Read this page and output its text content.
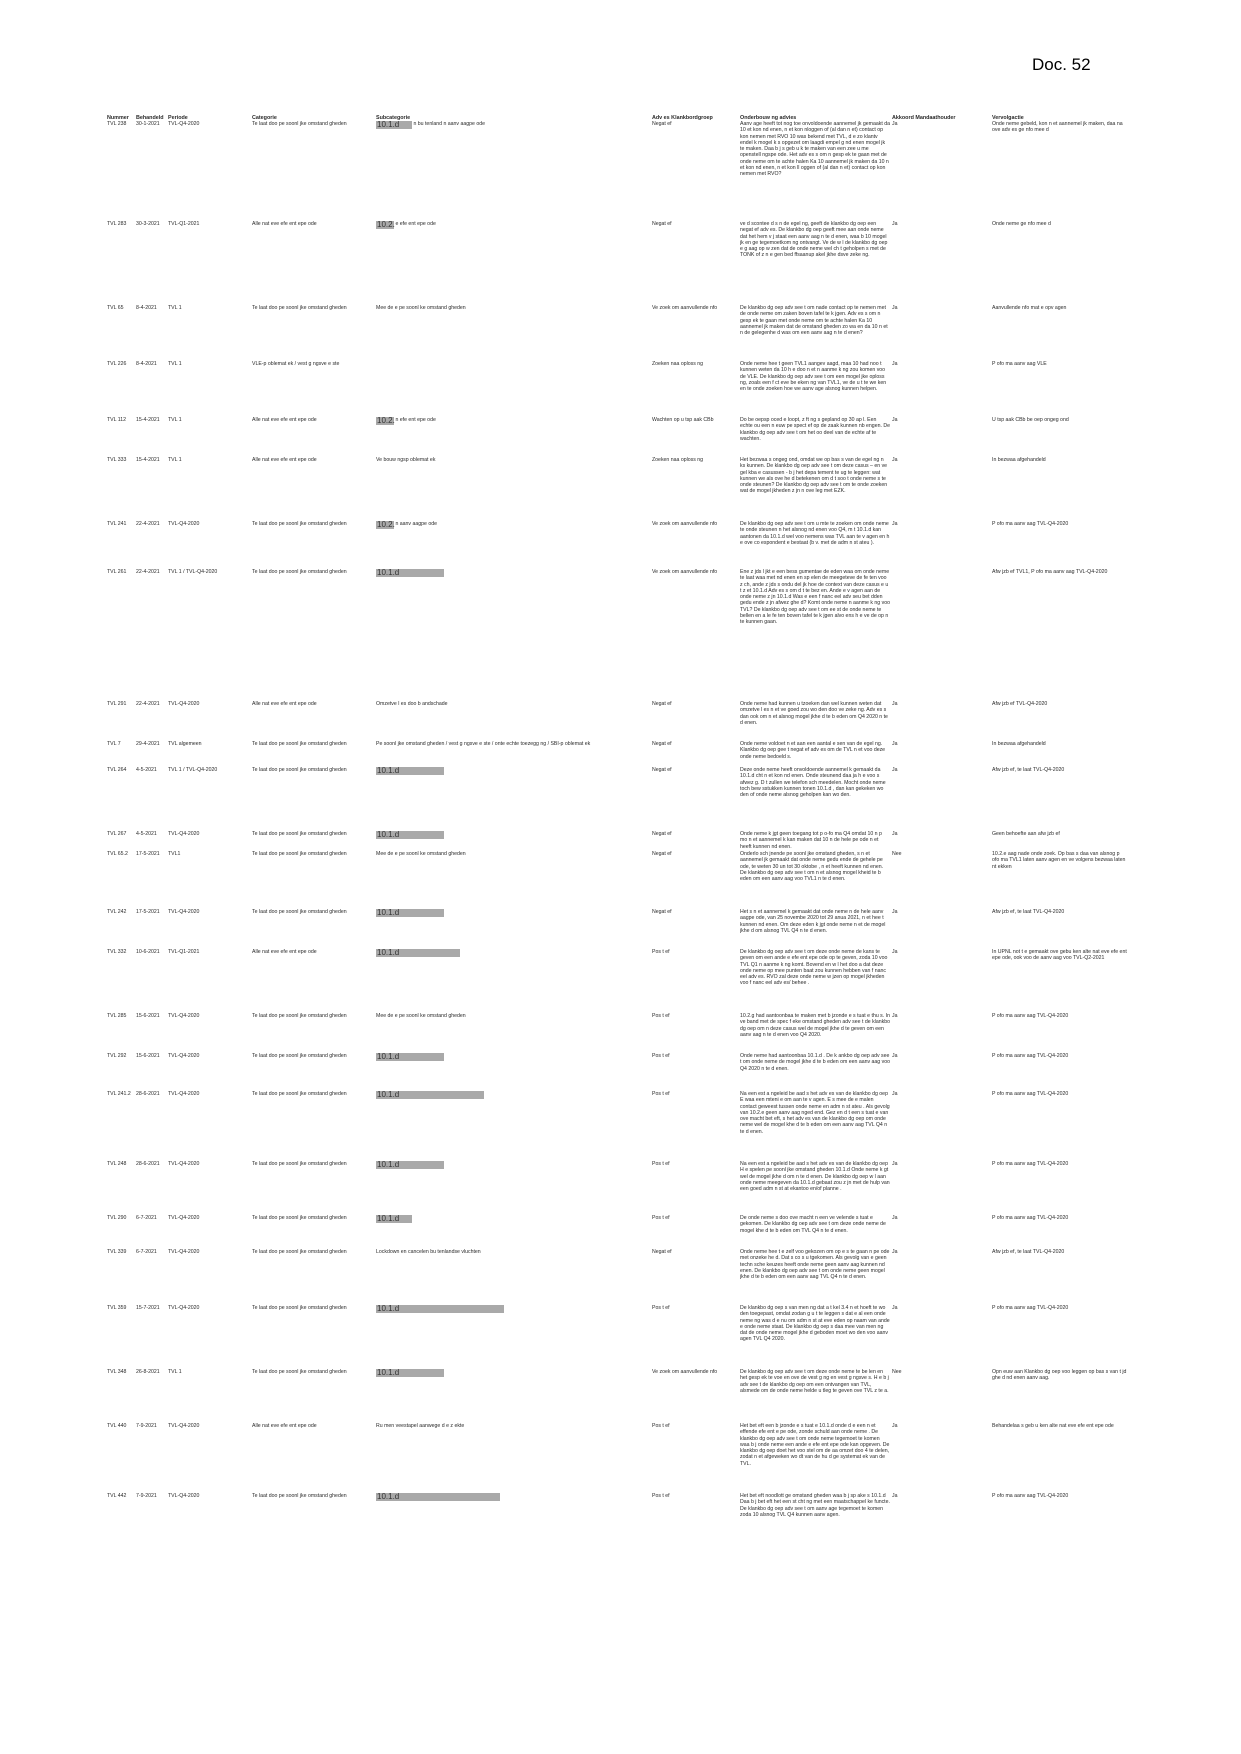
Doc. 52
Nummer	Behandeld	Periode	Categorie	Subcategorie	Adv es Klankbordgroep	Onderbouw ng advies	Akkoord Mandaathouder	Vervolgactie
TVL 238	30-1-2021	TVL-Q4-2020	Te laat doo pe soonl jke omstand gheden	10.1.d n bu tenland n aanv aagpe ode	Negat ef	Aanv age heeft tot nog toe onvoldoende aannemel jk gemaakt da 10 et kon nd enen, n et kon nloggen of (al dan n et) contact op kon nemen met RVO 10 was bekend met TVL, d e zo klantv endel k mogel k s opgezet om laagdi empel g nd enen mogel jk te maken. Daa b j s geb u k te maken van een zee u me openstell ngspe ode. Het adv es s om n gesp ek te gaan met de onde neme om te achte halen Ka 10 aannemel jk maken da 10 n et kon nd enen, n et kon ll oggen of (al dan n et) contact op kon nemen met RVO?	Ja	Onde neme gebeld, kon n et aannemel jk maken, daa na ove adv es ge nfo mee d
TVL 283	30-3-2021	TVL-Q1-2021	Alle nat eve efe ent epe ode	10.2. e efe ent epe ode	Negat ef	ve d scontee d s n de egel ng, geeft de klankbo dg oep een negat ef adv es. De klankbo dg oep geeft mee aan onde neme dat het hem v j staat een aanv aag n te d enen, waa b 10 mogel jk en ge tegemoetkom ng ontvangt. Ve de w l de klankbo dg oep e g aag op w zen dat de onde neme wel ch t geholpen s met de TONK of z n e gen bed ffsaanup akel jkhe dsve zeke ng.	Ja	Onde neme ge nfo mee d
TVL 65	8-4-2021	TVL 1	Te laat doo pe soonl jke omstand gheden	Mee de e pe soonl ke omstand gheden	Ve zoek om aanvullende nfo	De klankbo dg oep adv see t om nade contact op te nemen met de onde neme om zaken boven tafel te k jgen. Adv es s om n gesp ek te gaan met onde neme om te achte halen Ka 10 aannemel jk maken dat de omstand gheden zo wa en da 10 n et n de gelegenhe d was om een aanv aag n te d enen?	Ja	Aanvullende nfo mat e opv agen
TVL 226	8-4-2021	TVL 1	VLE-p oblemat ek / vest g ngsve e ste		Zoeken naa oploss ng	Onde neme hee t geen TVL1 aangev aagd, maa 10 had noo t kunnen weten da 10 h e doo n et n aanme k ng zou komen voo de VLE. De klankbo dg oep adv see t om een mogel jke oploss ng, zoals een f ct eve be eken ng van TVL1, ve de u t te we ken en te onde zoeken hoe we aanv age alsnog kunnen helpen.	Ja	P ofo ma aanv aag VLE
TVL 112	15-4-2021	TVL 1	Alle nat eve efe ent epe ode	10.2. n efe ent epe ode	Wachten op u tsp aak CBb	Do be oepsp oced e loopt, z ft ng s gepland op 30 ap l. Een echte ou een n euw pe spect ef op de zaak kunnen nb engen. De klankbo dg oep adv see t om het oo deel van de echte af te wachten.	Ja	U tsp aak CBb be oep ongeg ond
TVL 333	15-4-2021	TVL 1	Alle nat eve efe ent epe ode	Ve bouw ngsp oblemat ek	Zoeken naa oploss ng	Het bezwaa s ongeg ond, omdat we op bas s van de egel ng n ks kunnen. De klankbo dg oep adv see t om deze casus – en ve gel kba e casussen - b j het depa tement te ug te leggen: wat kunnen we als ove he d betekenen om d t soo t onde neme s te onde steunen? De klankbo dg oep adv see t om te onde zoeken wat de mogel jkheden z jn n ove leg met EZK.	Ja	In bezwaa afgehandeld
TVL 241	22-4-2021	TVL-Q4-2020	Te laat doo pe soonl jke omstand gheden	10.2. n aanv aagpe ode	Ve zoek om aanvullende nfo	De klankbo dg oep adv see t om u mte te zoeken om onde neme te onde steunen n het alsnog nd enen voo Q4, m t 10.1.d kan aantonen da 10.1.d wel voo nemens was TVL aan te v agen en h e ove co espondent e bestaat (b v. met de adm n st ateu ).	Ja	P ofo ma aanv aag TVL-Q4-2020
TVL 261	22-4-2021	TVL 1 / TVL-Q4-2020	Te laat doo pe soonl jke omstand gheden	10.1.d	Ve zoek om aanvullende nfo	Ene z jds l jkt e een bess gumentae de eden waa om onde neme te laat waa met nd enen en sp elen de meegeteve de fe ten voo z ch, ande z jds s ondu del jk hoe de context van deze casus e u t z et 10.1.d Adv es s om d t te bez en. Ande e v agen aan de onde neme z jn 10.1.d Was e een f nanc eel adv seu bet dden gedu ende z jn afwez ghe d? Komt onde neme n aanme k ng voo TVL? De klankbo dg oep adv see t om ee st de onde neme te bellen en a le fe ten boven tafel te k jgen alvo ens h e ve de op n te kunnen gaan.		Afw jzb ef TVL1, P ofo ma aanv aag TVL-Q4-2020
TVL 291	22-4-2021	TVL-Q4-2020	Alle nat eve efe ent epe ode	Omzetve l es doo b andschade	Negat ef	Onde neme had kunnen u tzoeken dan wel kunnen weten dat omzetve l es n et ve goed zou wo den doo ve zeke ng. Adv es s dan ook om n et alsnog mogel jkhe d te b eden om Q4 2020 n te d enen.	Ja	Afw jzb ef TVL-Q4-2020
TVL 7	29-4-2021	TVL algemeen	Te laat doo pe soonl jke omstand gheden	Pe soonl jke omstand gheden / vest g ngsve e ste / onte echte toezegg ng / SBI-p oblemat ek	Negat ef	Onde neme voldoet n et aan een aantal e sen van de egel ng. Klankbo dg oep gee t negat ef adv es om de TVL n et voo deze onde neme bedoeld s.	Ja	In bezwaa afgehandeld
TVL 264	4-5-2021	TVL 1 / TVL-Q4-2020	Te laat doo pe soonl jke omstand gheden	10.1.d	Negat ef	Deze onde neme heeft onvoldoende aannemel k gemaakt da 10.1.d cht n et kon nd enen. Onde steunend daa ja h e voo s afwez g. D t zullen we telefon sch meedelen. Mocht onde neme toch bew sstukken kunnen tonen 10.1.d , dan kan gekeken wo den of onde neme alsnog geholpen kan wo den.	Ja	Afw jzb ef, te laat TVL-Q4-2020
TVL 267	4-5-2021	TVL-Q4-2020	Te laat doo pe soonl jke omstand gheden	10.1.d	Negat ef	Onde neme k jgt geen toegang tot p o-fo ma Q4 omdat 10 n p mo n et aannemel k kan maken dat 10 n de hele pe ode n et heeft kunnen nd enen.	Ja	Geen behoefte aan afw jzb ef
TVL 65.2	17-5-2021	TVL1	Te laat doo pe soonl jke omstand gheden	Mee de e pe soonl ke omstand gheden	Negat ef	Onderlo sch jnende pe soonl jke omstand gheden, s n et aannemel jk gemaakt dat onde neme gedu ende de gehele pe ode, te weten 30 un tot 30 oktobe , n et heeft kunnen nd enen. De klankbo dg oep adv see t om n et alsnog mogel kheid te b eden om een aanv aag voo TVL1 n te d enen.	Nee	10.2.e aag nade onde zoek. Op bas s daa van alsnog p ofo ma TVL1 laten aanv agen en ve volgens bezwaa laten nt ekken
TVL 242	17-5-2021	TVL-Q4-2020	Te laat doo pe soonl jke omstand gheden	10.1.d	Negat ef	Het s n et aannemel k gemaakt dat onde neme n de hele aanv aagpe ode, van 25 novembe 2020 tot 29 anua 2021, n et hee t kunnen nd enen. Om deze eden k jgt onde neme n et de mogel jkhe d om alsnog TVL Q4 n te d enen.	Ja	Afw jzb ef, te laat TVL-Q4-2020
TVL 332	10-6-2021	TVL-Q1-2021	Alle nat eve efe ent epe ode	10.1.d	Pos t ef	De klankbo dg oep adv see t om deze onde neme de kans te geven om een ande e efe ent epe ode op te geven, zoda 10 voo TVL Q1 n aanme k ng komt. Bovend en w l het doo a dat deze onde neme op mee punten baat zou kunnen hebben van f nanc eel adv es. RVO zal deze onde neme w jzen op mogel jkheden voo f nanc eel adv es/ behee .	Ja	In UPNL not t e gemaakt ove gebu ken alte nat eve efe ent epe ode, ook voo de aanv aag voo TVL-Q2-2021
TVL 285	15-6-2021	TVL-Q4-2020	Te laat doo pe soonl jke omstand gheden	Mee de e pe soonl ke omstand gheden	Pos t ef	10.2.g had aantoonbaa te maken met b jzonde e s tuat e thu s. In ve band met de spec f eke omstand gheden adv see t de klankbo dg oep om n deze casus wel de mogel jkhe d te geven om een aanv aag n te d enen voo Q4 2020.	Ja	P ofo ma aanv aag TVL-Q4-2020
TVL 292	15-6-2021	TVL-Q4-2020	Te laat doo pe soonl jke omstand gheden	10.1.d	Pos t ef	Onde neme had aantoonbaa 10.1.d . De k ankbo dg oep adv see t om onde neme de mogel jkhe d te b eden om een aanv aag voo Q4 2020 n te d enen.	Ja	P ofo ma aanv aag TVL-Q4-2020
TVL 241.2	28-6-2021	TVL-Q4-2020	Te laat doo pe soonl jke omstand gheden	10.1.d	Pos t ef	Na een est a ngeleid be aad s het adv es van de klankbo dg oep E waa een mteni e om aan te v agen. E s mee de e malen contact geweest tussen onde neme en adm n st ateu . Als gevolg van 10.2.e geen aanv aag nged end. Gez en d t een s tuat e van ove macht bet eft, s het adv es van de klankbo dg oep om onde neme wel de mogel khe d te b eden om een aanv aag TVL Q4 n te d enen.	Ja	P ofo ma aanv aag TVL-Q4-2020
TVL 248	28-6-2021	TVL-Q4-2020	Te laat doo pe soonl jke omstand gheden	10.1.d	Pos t ef	Na een est a ngeleid be aad s het adv es van de klankbo dg oep H e spelen pe soonl jke omstand gheden 10.1.d Onde neme k gt wel de mogel jkhe d om n te d enen. De klankbo dg oep w l aan onde neme meegeven da 10.1.d gebaat zou z jn met de hulp van een goed adm n st at ekantoo en/of planne .	Ja	P ofo ma aanv aag TVL-Q4-2020
TVL 290	6-7-2021	TVL-Q4-2020	Te laat doo pe soonl jke omstand gheden	10.1.d	Pos t ef	De onde neme s doo ove macht n een ve velende s tuat e gekomen. De klankbo dg oep adv see t om deze onde neme de mogel khe d te b eden om TVL Q4 n te d enen.	Ja	P ofo ma aanv aag TVL-Q4-2020
TVL 339	6-7-2021	TVL-Q4-2020	Te laat doo pe soonl jke omstand gheden	Lockdown en cancelen bu tenlandse vluchten	Negat ef	Onde neme hee t e zelf voo gekozen om op e s te gaan n pe ode met onzeke he d. Dat s co s u tgekomen. Als gevolg van e geen techn sche keuzes heeft onde neme geen aanv aag kunnen nd enen. De klankbo dg oep adv see t om onde neme geen mogel jkhe d te b eden om een aanv aag TVL Q4 n te d enen.	Ja	Afw jzb ef, te laat TVL-Q4-2020
TVL 359	15-7-2021	TVL-Q4-2020	Te laat doo pe soonl jke omstand gheden	10.1.d	Pos t ef	De klankbo dg oep s van men ng dat a t kel 3.4 n et hoeft te wo den toegepast, omdat zodan g u t te leggen s dat e al een onde neme ng was d e nu om adm n st at eve eden op naam van ande e onde neme staat. De klankbo dg oep s daa mee van men ng dat de onde neme mogel jkhe d geboden moet wo den voo aanv agen TVL Q4 2020.	Ja	P ofo ma aanv aag TVL-Q4-2020
TVL 348	26-8-2021	TVL 1	Te laat doo pe soonl jke omstand gheden	10.1.d	Ve zoek om aanvullende nfo	De klankbo dg oep adv see t om deze onde neme te be len en het gesp ek te voe en ove de vest g ng en vest g ngsve s. H e b j adv see t de klankbo dg oep om een ontvangen van TVL, alsmede om de onde neme helde u tleg te geven ove TVL z te a.	Nee	Opn euw aan Klankbo dg oep voo leggen op bas s van t jd ghe d nd enen aanv aag.
TVL 440	7-9-2021	TVL-Q4-2020	Alle nat eve efe ent epe ode	Ru men veestapel aanwege d e z ekte	Pos t ef	Het bet eft een b jzonde e s tuat e 10.1.d onde d e een n et effende efe ent e pe ode, zonde schuld aan onde neme . De klankbo dg oep adv see t om onde neme tegemoet te komen waa b j onde neme een ande e efe ent epe ode kan opgeven. De klankbo dg oep doet het voo stel om de aa omzet doo 4 te delen, zodat n et afgeweken wo dt van de hu d ge systemat ek van de TVL.	Ja	Behandelaa s geb u ken alte nat eve efe ent epe ode
TVL 442	7-9-2021	TVL-Q4-2020	Te laat doo pe soonl jke omstand gheden	10.1.d	Pos t ef	Het bet eft noodlott ge omstand gheden waa b j sp ake s 10.1.d Daa b j bet eft het een st cht ng met een maatschappel ke functe. De klankbo dg oep adv see t om aanv age tegemoet te komen zoda 10 alsnog TVL Q4 kunnen aanv agen.	Ja	P ofo ma aanv aag TVL-Q4-2020
